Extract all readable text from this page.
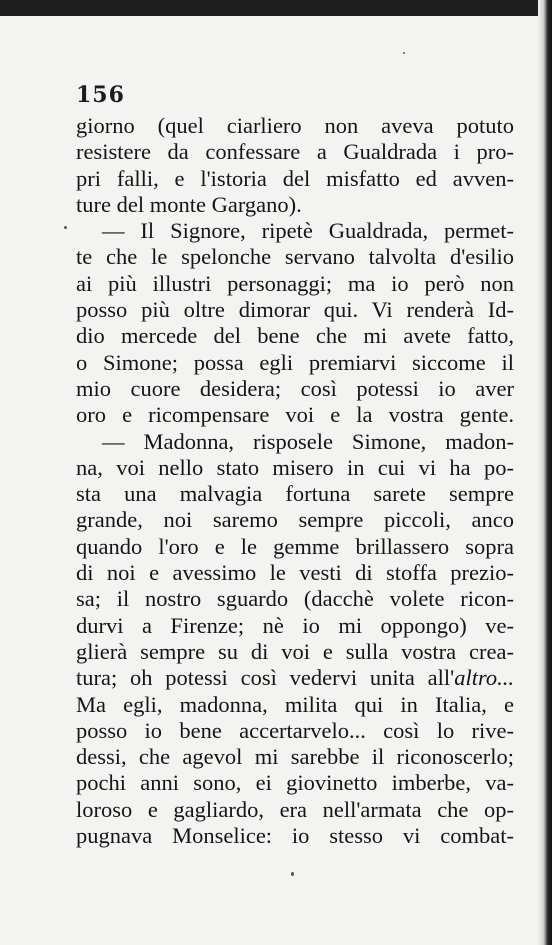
156
giorno (quel ciarliero non aveva potuto
resistere da confessare a Gualdrada i pro-
pri falli, e l'istoria del misfatto ed avven-
ture del monte Gargano).
— Il Signore, ripetè Gualdrada, permet-
te che le spelonche servano talvolta d'esilio
ai più illustri personaggi; ma io però non
posso più oltre dimorar qui. Vi renderà Id-
dio mercede del bene che mi avete fatto,
o Simone; possa egli premiarvi siccome il
mio cuore desidera; così potessi io aver
oro e ricompensare voi e la vostra gente.
— Madonna, risposele Simone, madon-
na, voi nello stato misero in cui vi ha po-
sta una malvagia fortuna sarete sempre
grande, noi saremo sempre piccoli, anco
quando l'oro e le gemme brillassero sopra
di noi e avessimo le vesti di stoffa prezio-
sa; il nostro sguardo (dacchè volete ricon-
durvi a Firenze; nè io mi oppongo) ve-
glierà sempre su di voi e sulla vostra crea-
tura; oh potessi così vedervi unita all'altro...
Ma egli, madonna, milita qui in Italia, e
posso io bene accertarvelo... così lo rive-
dessi, che agevol mi sarebbe il riconoscerlo;
pochi anni sono, ei giovinetto imberbe, va-
loroso e gagliardo, era nell'armata che op-
pugnava Monselice: io stesso vi combat-
